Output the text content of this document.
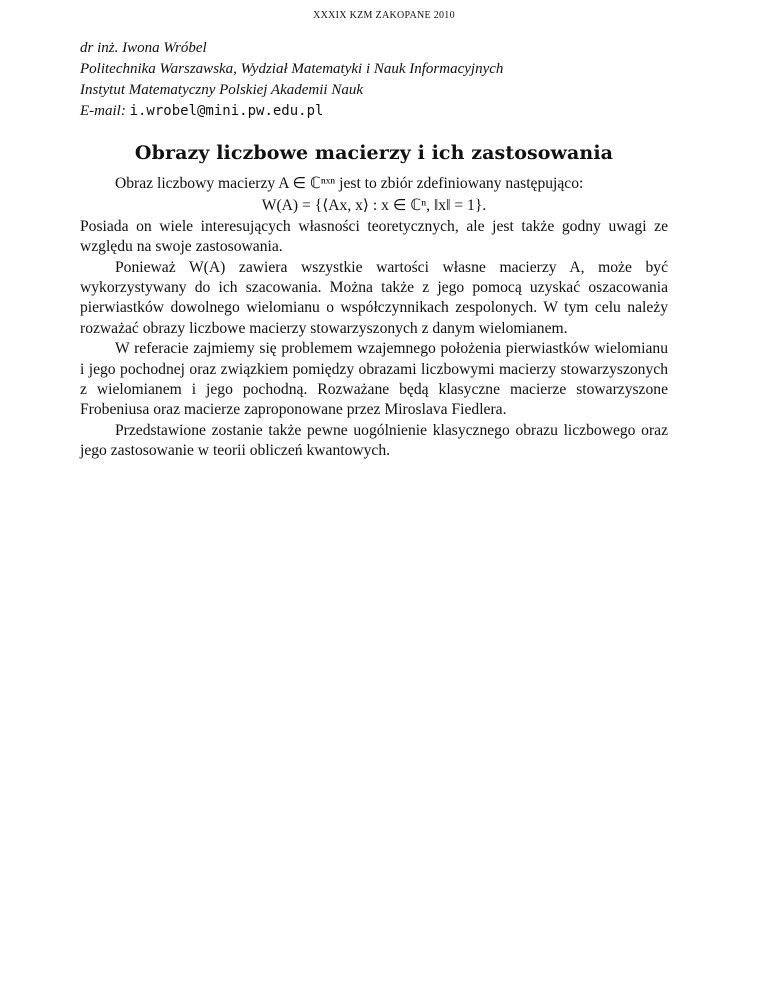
XXXIX KZM ZAKOPANE 2010
dr inż. Iwona Wróbel
Politechnika Warszawska, Wydział Matematyki i Nauk Informacyjnych
Instytut Matematyczny Polskiej Akademii Nauk
E-mail: i.wrobel@mini.pw.edu.pl
Obrazy liczbowe macierzy i ich zastosowania

Obraz liczbowy macierzy A ∈ ℂⁿˣⁿ jest to zbiór zdefiniowany następująco:

W(A) = {⟨Ax, x⟩ : x ∈ ℂⁿ, ‖x‖ = 1}.

Posiada on wiele interesujących własności teoretycznych, ale jest także godny uwagi ze względu na swoje zastosowania.

Ponieważ W(A) zawiera wszystkie wartości własne macierzy A, może być wykorzystywany do ich szacowania. Można także z jego pomocą uzyskać oszacowania pierwiastków dowolnego wielomianu o współczynnikach zespolonych. W tym celu należy rozważać obrazy liczbowe macierzy stowarzyszonych z danym wielomianem.

W referacie zajmiemy się problemem wzajemnego położenia pierwiastków wielomianu i jego pochodnej oraz związkiem pomiędzy obrazami liczbowymi macierzy stowarzyszonych z wielomianem i jego pochodną. Rozważane będą klasyczne macierze stowarzyszone Frobeniusa oraz macierze zaproponowane przez Miroslava Fiedlera.

Przedstawione zostanie także pewne uogólnienie klasycznego obrazu liczbowego oraz jego zastosowanie w teorii obliczeń kwantowych.
